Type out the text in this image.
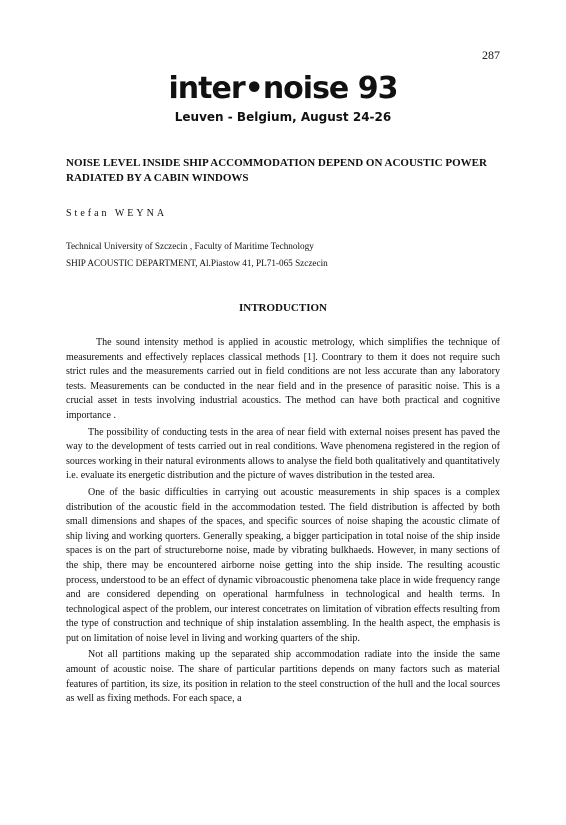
287
inter•noise 93
Leuven - Belgium, August 24-26
NOISE LEVEL INSIDE SHIP ACCOMMODATION DEPEND ON ACOUSTIC POWER RADIATED BY A CABIN WINDOWS
Stefan WEYNA
Technical University of Szczecin , Faculty of Maritime Technology
SHIP ACOUSTIC DEPARTMENT, Al.Piastow 41, PL71-065 Szczecin
INTRODUCTION

The sound intensity method is applied in acoustic metrology, which simplifies the technique of measurements and effectively replaces classical methods [1]. Coontrary to them it does not require such strict rules and the measurements carried out in field conditions are not less accurate than any laboratory tests. Measurements can be conducted in the near field and in the presence of parasitic noise. This is a crucial asset in tests involving industrial acoustics. The method can have both practical and cognitive importance .

The possibility of conducting tests in the area of near field with external noises present has paved the way to the development of tests carried out in real conditions. Wave phenomena registered in the region of sources working in their natural evironments allows to analyse the field both qualitatively and quantitatively i.e. evaluate its energetic distribution and the picture of waves distribution in the tested area.

One of the basic difficulties in carrying out acoustic measurements in ship spaces is a complex distribution of the acoustic field in the accommodation tested. The field distribution is affected by both small dimensions and shapes of the spaces, and specific sources of noise shaping the acoustic climate of ship living and working quorters. Generally speaking, a bigger participation in total noise of the ship inside spaces is on the part of structureborne noise, made by vibrating bulkhaeds. However, in many sections of the ship, there may be encountered airborne noise getting into the ship inside. The resulting acoustic process, understood to be an effect of dynamic vibroacoustic phenomena take place in wide frequency range and are considered depending on operational harmfulness in technological and health terms. In technological aspect of the problem, our interest concetrates on limitation of vibration effects resulting from the type of construction and technique of ship instalation assembling. In the health aspect, the emphasis is put on limitation of noise level in living and working quarters of the ship.

Not all partitions making up the separated ship accommodation radiate into the inside the same amount of acoustic noise. The share of particular partitions depends on many factors such as material features of partition, its size, its position in relation to the steel construction of the hull and the local sources as well as fixing methods. For each space, a
